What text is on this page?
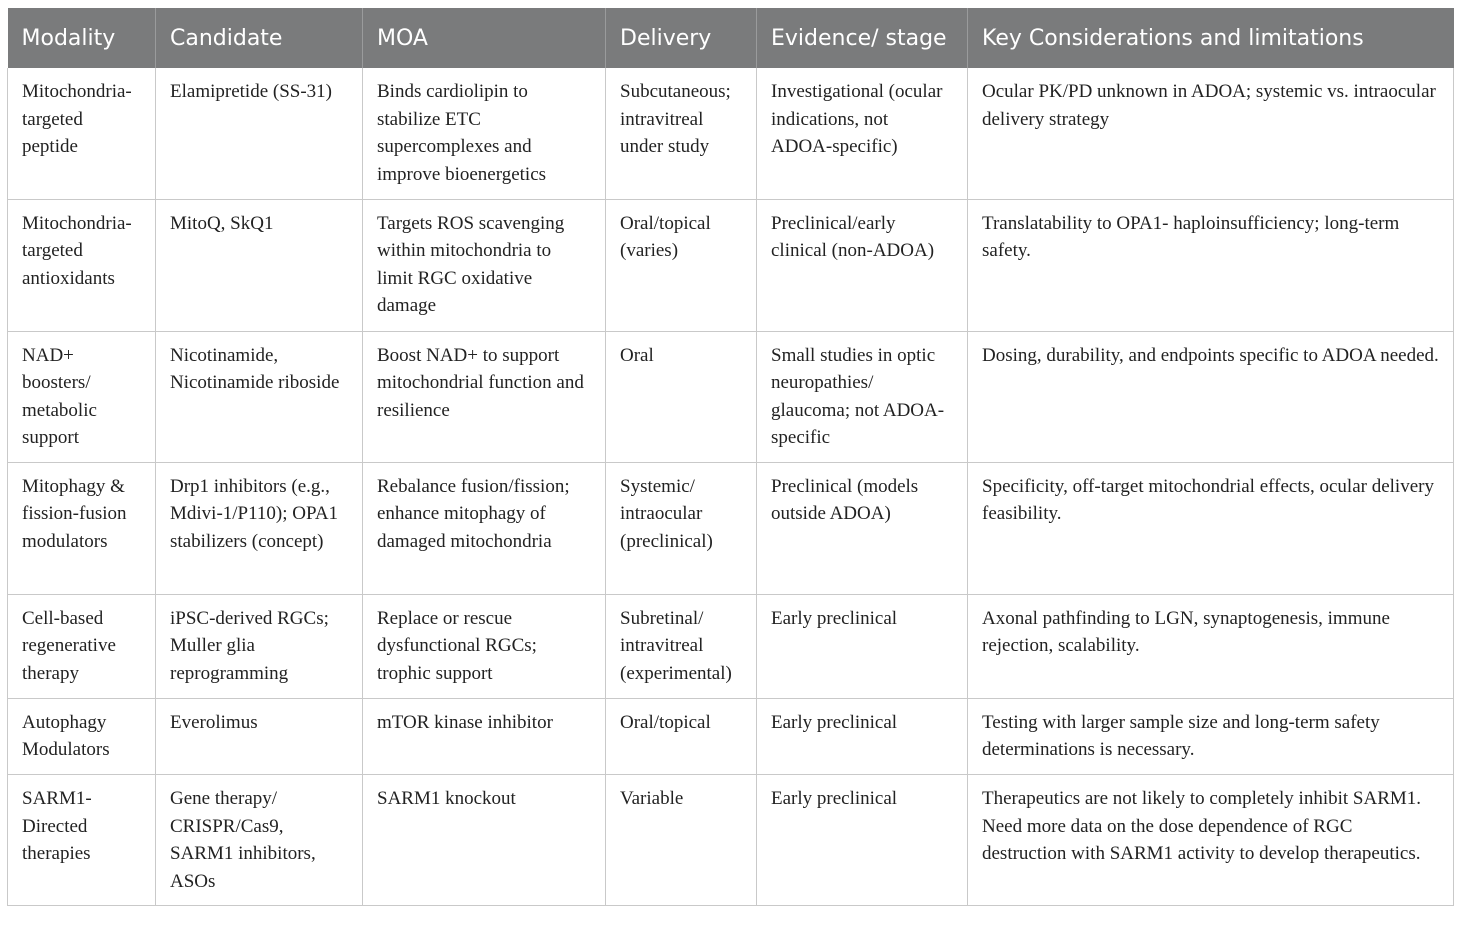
Modality	Candidate	MOA	Delivery	Evidence/ stage	Key Considerations and limitations
Mitochondria-targeted peptide	Elamipretide (SS-31)	Binds cardiolipin to stabilize ETC supercomplexes and improve bioenergetics	Subcutaneous; intravitreal under study	Investigational (ocular indications, not ADOA-specific)	Ocular PK/PD unknown in ADOA; systemic vs. intraocular delivery strategy
Mitochondria-targeted antioxidants	MitoQ, SkQ1	Targets ROS scavenging within mitochondria to limit RGC oxidative damage	Oral/topical (varies)	Preclinical/early clinical (non-ADOA)	Translatability to OPA1- haploinsufficiency; long-term safety.
NAD+ boosters/ metabolic support	Nicotinamide, Nicotinamide riboside	Boost NAD+ to support mitochondrial function and resilience	Oral	Small studies in optic neuropathies/ glaucoma; not ADOA-specific	Dosing, durability, and endpoints specific to ADOA needed.
Mitophagy & fission-fusion modulators	Drp1 inhibitors (e.g., Mdivi-1/P110); OPA1 stabilizers (concept)	Rebalance fusion/fission; enhance mitophagy of damaged mitochondria	Systemic/ intraocular (preclinical)	Preclinical (models outside ADOA)	Specificity, off-target mitochondrial effects, ocular delivery feasibility.
Cell-based regenerative therapy	iPSC-derived RGCs; Muller glia reprogramming	Replace or rescue dysfunctional RGCs; trophic support	Subretinal/ intravitreal (experimental)	Early preclinical	Axonal pathfinding to LGN, synaptogenesis, immune rejection, scalability.
Autophagy Modulators	Everolimus	mTOR kinase inhibitor	Oral/topical	Early preclinical	Testing with larger sample size and long-term safety determinations is necessary.
SARM1-Directed therapies	Gene therapy/ CRISPR/Cas9, SARM1 inhibitors, ASOs	SARM1 knockout	Variable	Early preclinical	Therapeutics are not likely to completely inhibit SARM1. Need more data on the dose dependence of RGC destruction with SARM1 activity to develop therapeutics.
